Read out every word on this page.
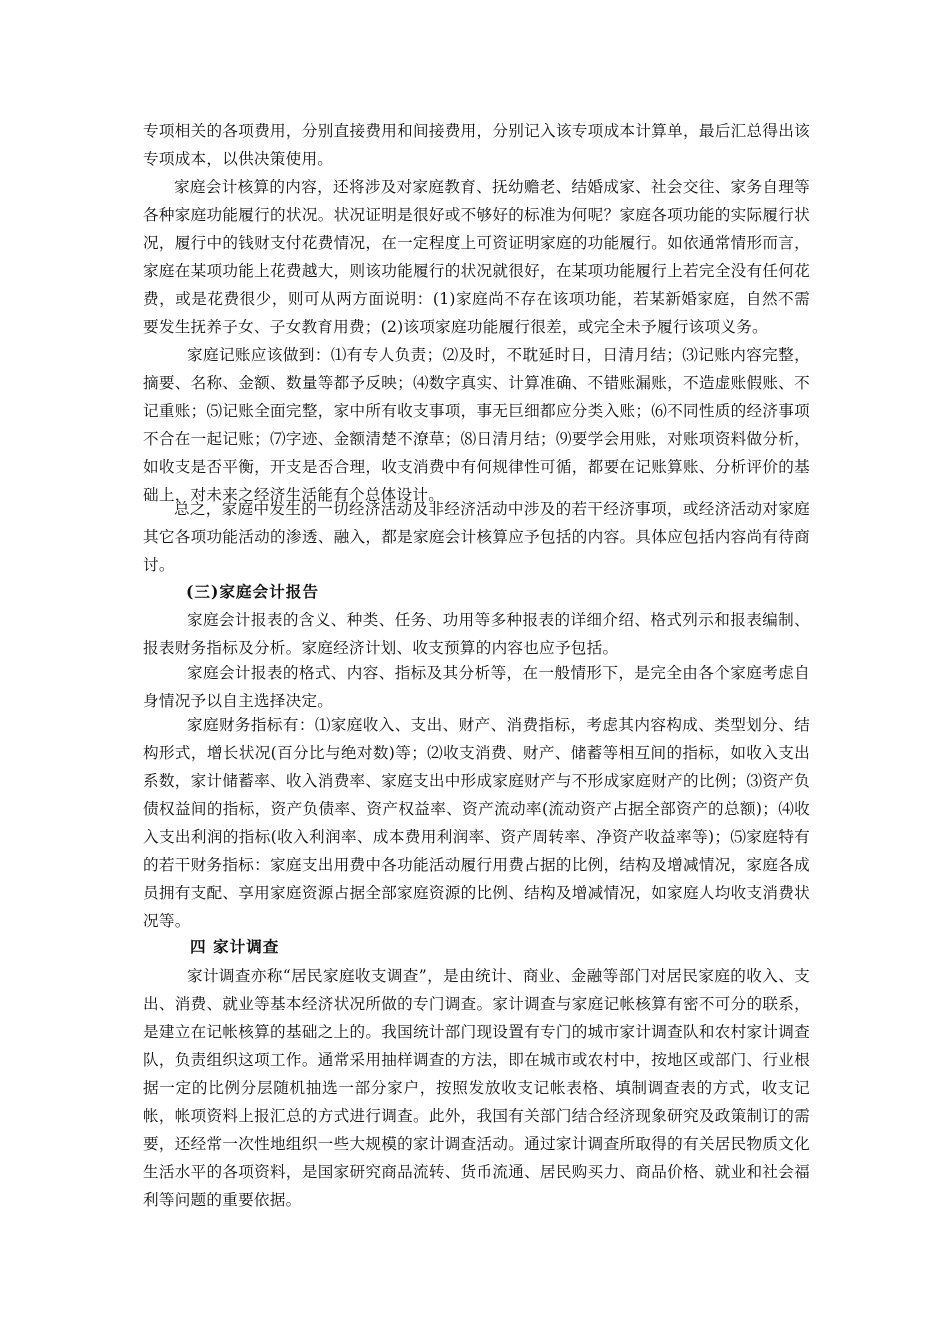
专项相关的各项费用，分别直接费用和间接费用，分别记入该专项成本计算单，最后汇总得出该专项成本，以供决策使用。

家庭会计核算的内容，还将涉及对家庭教育、抚幼赡老、结婚成家、社会交往、家务自理等各种家庭功能履行的状况。状况证明是很好或不够好的标准为何呢？家庭各项功能的实际履行状况，履行中的钱财支付花费情况，在一定程度上可资证明家庭的功能履行。如依通常情形而言，家庭在某项功能上花费越大，则该功能履行的状况就很好，在某项功能履行上若完全没有任何花费，或是花费很少，则可从两方面说明：(1)家庭尚不存在该项功能，若某新婚家庭，自然不需要发生抚养子女、子女教育用费；(2)该项家庭功能履行很差，或完全未予履行该项义务。

家庭记账应该做到：⑴有专人负责；⑵及时，不耽延时日，日清月结；⑶记账内容完整，摘要、名称、金额、数量等都予反映；⑷数字真实、计算准确、不错账漏账，不造虚账假账、不记重账；⑸记账全面完整，家中所有收支事项，事无巨细都应分类入账；⑹不同性质的经济事项不合在一起记账；⑺字迹、金额清楚不潦草；⑻日清月结；⑼要学会用账，对账项资料做分析，如收支是否平衡，开支是否合理，收支消费中有何规律性可循，都要在记账算账、分析评价的基础上，对未来之经济生活能有个总体设计。

总之，家庭中发生的一切经济活动及非经济活动中涉及的若干经济事项，或经济活动对家庭其它各项功能活动的渗透、融入，都是家庭会计核算应予包括的内容。具体应包括内容尚有待商讨。

(三)家庭会计报告

家庭会计报表的含义、种类、任务、功用等多种报表的详细介绍、格式列示和报表编制、报表财务指标及分析。家庭经济计划、收支预算的内容也应予包括。

家庭会计报表的格式、内容、指标及其分析等，在一般情形下，是完全由各个家庭考虑自身情况予以自主选择决定。

家庭财务指标有：⑴家庭收入、支出、财产、消费指标，考虑其内容构成、类型划分、结构形式，增长状况(百分比与绝对数)等；⑵收支消费、财产、储蓄等相互间的指标，如收入支出系数，家计储蓄率、收入消费率、家庭支出中形成家庭财产与不形成家庭财产的比例；⑶资产负债权益间的指标，资产负债率、资产权益率、资产流动率(流动资产占据全部资产的总额)；⑷收入支出利润的指标(收入利润率、成本费用利润率、资产周转率、净资产收益率等)；⑸家庭特有的若干财务指标：家庭支出用费中各功能活动履行用费占据的比例，结构及增减情况，家庭各成员拥有支配、享用家庭资源占据全部家庭资源的比例、结构及增减情况，如家庭人均收支消费状况等。

四 家计调查

家计调查亦称“居民家庭收支调查”，是由统计、商业、金融等部门对居民家庭的收入、支出、消费、就业等基本经济状况所做的专门调查。家计调查与家庭记帐核算有密不可分的联系，是建立在记帐核算的基础之上的。我国统计部门现设置有专门的城市家计调查队和农村家计调查队，负责组织这项工作。通常采用抽样调查的方法，即在城市或农村中，按地区或部门、行业根据一定的比例分层随机抽选一部分家户，按照发放收支记帐表格、填制调查表的方式，收支记帐，帐项资料上报汇总的方式进行调查。此外，我国有关部门结合经济现象研究及政策制订的需要，还经常一次性地组织一些大规模的家计调查活动。通过家计调查所取得的有关居民物质文化生活水平的各项资料，是国家研究商品流转、货币流通、居民购买力、商品价格、就业和社会福利等问题的重要依据。
